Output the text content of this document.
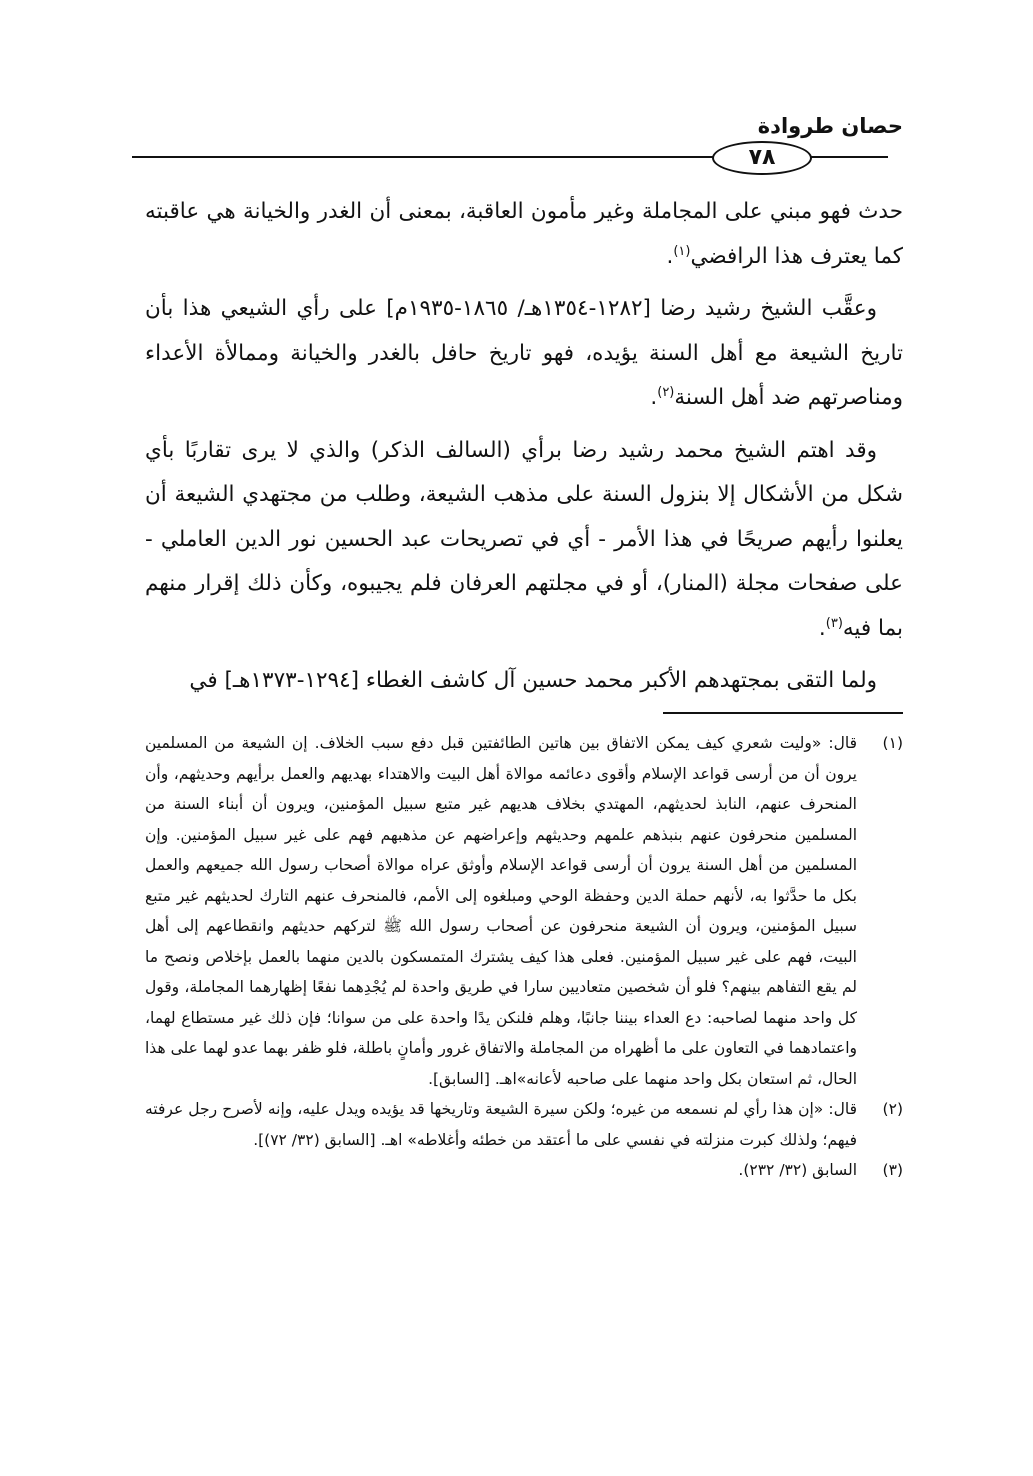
حصان طروادة
٧٨

حدث فهو مبني على المجاملة وغير مأمون العاقبة، بمعنى أن الغدر والخيانة هي عاقبته كما يعترف هذا الرافضي$^{(١)}$.

وعقَّب الشيخ رشيد رضا [١٢٨٢-١٣٥٤هـ/ ١٨٦٥-١٩٣٥م] على رأي الشيعي هذا بأن تاريخ الشيعة مع أهل السنة يؤيده، فهو تاريخ حافل بالغدر والخيانة وممالأة الأعداء ومناصرتهم ضد أهل السنة$^{(٢)}$.

وقد اهتم الشيخ محمد رشيد رضا برأي (السالف الذكر) والذي لا يرى تقاربًا بأي شكل من الأشكال إلا بنزول السنة على مذهب الشيعة، وطلب من مجتهدي الشيعة أن يعلنوا رأيهم صريحًا في هذا الأمر - أي في تصريحات عبد الحسين نور الدين العاملي - على صفحات مجلة (المنار)، أو في مجلتهم العرفان فلم يجيبوه، وكأن ذلك إقرار منهم بما فيه$^{(٣)}$.

ولما التقى بمجتهدهم الأكبر محمد حسين آل كاشف الغطاء [١٢٩٤-١٣٧٣هـ] في

(١)
قال: «وليت شعري كيف يمكن الاتفاق بين هاتين الطائفتين قبل دفع سبب الخلاف. إن الشيعة من المسلمين يرون أن من أرسى قواعد الإسلام وأقوى دعائمه موالاة أهل البيت والاهتداء بهديهم والعمل برأيهم وحديثهم، وأن المنحرف عنهم، النابذ لحديثهم، المهتدي بخلاف هديهم غير متبع سبيل المؤمنين، ويرون أن أبناء السنة من المسلمين منحرفون عنهم بنبذهم علمهم وحديثهم وإعراضهم عن مذهبهم فهم على غير سبيل المؤمنين. وإن المسلمين من أهل السنة يرون أن أرسى قواعد الإسلام وأوثق عراه موالاة أصحاب رسول الله جميعهم والعمل بكل ما حدَّثوا به، لأنهم حملة الدين وحفظة الوحي ومبلغوه إلى الأمم، فالمنحرف عنهم التارك لحديثهم غير متبع سبيل المؤمنين، ويرون أن الشيعة منحرفون عن أصحاب رسول الله ﷺ لتركهم حديثهم وانقطاعهم إلى أهل البيت، فهم على غير سبيل المؤمنين. فعلى هذا كيف يشترك المتمسكون بالدين منهما بالعمل بإخلاص ونصح ما لم يقع التفاهم بينهم؟ فلو أن شخصين متعاديين سارا في طريق واحدة لم يُجْدِهما نفعًا إظهارهما المجاملة، وقول كل واحد منهما لصاحبه: دع العداء بيننا جانبًا، وهلم فلنكن يدًا واحدة على من سوانا؛ فإن ذلك غير مستطاع لهما، واعتمادهما في التعاون على ما أظهراه من المجاملة والاتفاق غرور وأمانٍ باطلة، فلو ظفر بهما عدو لهما على هذا الحال، ثم استعان بكل واحد منهما على صاحبه لأعانه»اهـ. [السابق].
(٢)
قال: «إن هذا رأي لم نسمعه من غيره؛ ولكن سيرة الشيعة وتاريخها قد يؤيده ويدل عليه، وإنه لأصرح رجل عرفته فيهم؛ ولذلك كبرت منزلته في نفسي على ما أعتقد من خطئه وأغلاطه» اهـ. [السابق (٣٢/ ٧٢)].
(٣)
السابق (٣٢/ ٢٣٢).
